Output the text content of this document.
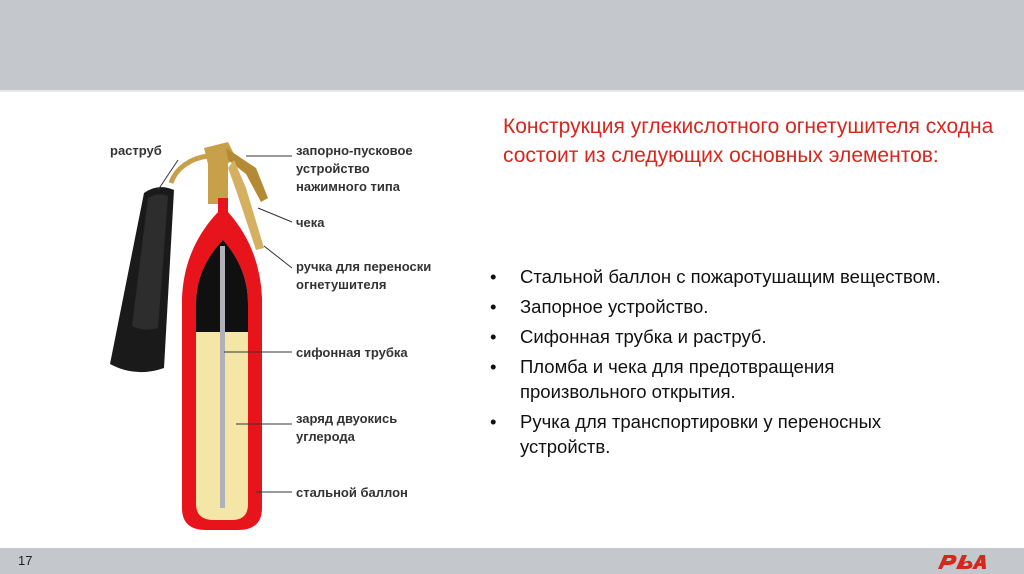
раструб	запорно-пусковое
устройство
нажимного типа
чека
ручка для переноски
огнетушителя
сифонная трубка
заряд двуокись
углерода
стальной баллон
Конструкция углекислотного огнетушителя сходна состоит из следующих основных элементов:
• Стальной баллон с пожаротушащим веществом.
• Запорное устройство.
• Сифонная трубка и раструб.
• Пломба и чека для предотвращения произвольного открытия.
• Ручка для транспортировки у переносных устройств.
17
